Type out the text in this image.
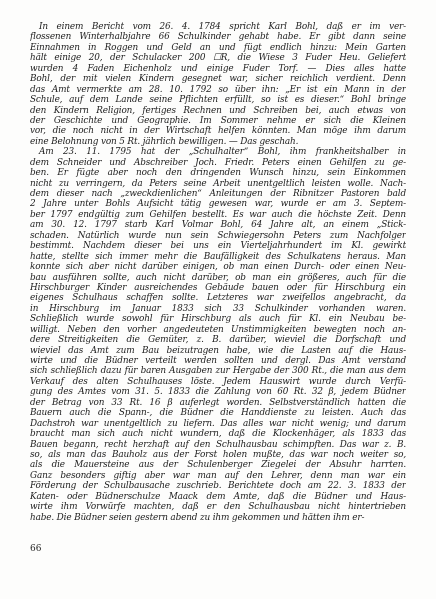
In einem Bericht vom 26. 4. 1784 spricht Karl Bohl, daß er im ver-
flossenen Winterhalbjahre 66 Schulkinder gehabt habe. Er gibt dann seine
Einnahmen in Roggen und Geld an und fügt endlich hinzu: Mein Garten
hält einige 20, der Schulacker 200 ☐R, die Wiese 3 Fuder Heu. Geliefert
wurden 4 Faden Eichenholz und einige Fuder Torf. — Dies alles hatte
Bohl, der mit vielen Kindern gesegnet war, sicher reichlich verdient. Denn
das Amt vermerkte am 28. 10. 1792 so über ihn: „Er ist ein Mann in der
Schule, auf dem Lande seine Pflichten erfüllt, so ist es dieser.“ Bohl bringe
den Kindern Religion, fertiges Rechnen und Schreiben bei, auch etwas von
der Geschichte und Geographie. Im Sommer nehme er sich die Kleinen
vor, die noch nicht in der Wirtschaft helfen könnten. Man möge ihm darum
eine Belohnung von 5 Rt. jährlich bewilligen. — Das geschah.
Am 23. 11. 1795 hat der „Schulhalter“ Bohl, ihm frankheitshalber in
dem Schneider und Abschreiber Joch. Friedr. Peters einen Gehilfen zu ge-
ben. Er fügte aber noch den dringenden Wunsch hinzu, sein Einkommen
nicht zu verringern, da Peters seine Arbeit unentgeltlich leisten wolle. Nach-
dem dieser nach „zweckdienlichen“ Anleitungen der Ribnitzer Pastoren bald
2 Jahre unter Bohls Aufsicht tätig gewesen war, wurde er am 3. Septem-
ber 1797 endgültig zum Gehilfen bestellt. Es war auch die höchste Zeit. Denn
am 30. 12. 1797 starb Karl Volmar Bohl, 64 Jahre alt, an einem „Stick-
schaden. Natürlich wurde nun sein Schwiegersohn Peters zum Nachfolger
bestimmt. Nachdem dieser bei uns ein Vierteljahrhundert im Kl. gewirkt
hatte, stellte sich immer mehr die Baufälligkeit des Schulkatens heraus. Man
konnte sich aber nicht darüber einigen, ob man einen Durch- oder einen Neu-
bau ausführen sollte, auch nicht darüber, ob man ein größeres, auch für die
Hirschburger Kinder ausreichendes Gebäude bauen oder für Hirschburg ein
eigenes Schulhaus schaffen sollte. Letzteres war zweifellos angebracht, da
in Hirschburg im Januar 1833 sich 33 Schulkinder vorhanden waren.
Schließlich wurde sowohl für Hirschburg als auch für Kl. ein Neubau be-
willigt. Neben den vorher angedeuteten Unstimmigkeiten bewegten noch an-
dere Streitigkeiten die Gemüter, z. B. darüber, wieviel die Dorfschaft und
wieviel das Amt zum Bau beizutragen habe, wie die Lasten auf die Haus-
wirte und die Büdner verteilt werden sollten und dergl. Das Amt verstand
sich schließlich dazu für baren Ausgaben zur Hergabe der 300 Rt., die man aus dem
Verkauf des alten Schulhauses löste. Jedem Hauswirt wurde durch Verfü-
gung des Amtes vom 31. 5. 1833 die Zahlung von 60 Rt. 32 β, jedem Büdner
der Betrag von 33 Rt. 16 β auferlegt worden. Selbstverständlich hatten die
Bauern auch die Spann-, die Büdner die Handdienste zu leisten. Auch das
Dachstroh war unentgeltlich zu liefern. Das alles war nicht wenig; und darum
braucht man sich auch nicht wundern, daß die Klockenhäger, als 1833 das
Bauen begann, recht herzhaft auf den Schulhausbau schimpften. Das war z. B.
so, als man das Bauholz aus der Forst holen mußte, das war noch weiter so,
als die Mauersteine aus der Schulenberger Ziegelei der Absuhr harrten.
Ganz besonders giftig aber war man auf den Lehrer, denn man war ein
Förderung der Schulbausache zuschrieb. Berichtete doch am 22. 3. 1833 der
Katen- oder Büdnerschulze Maack dem Amte, daß die Büdner und Haus-
wirte ihm Vorwürfe machten, daß er den Schulhausbau nicht hintertrieben
habe. Die Büdner seien gestern abend zu ihm gekommen und hätten ihm er-
66
